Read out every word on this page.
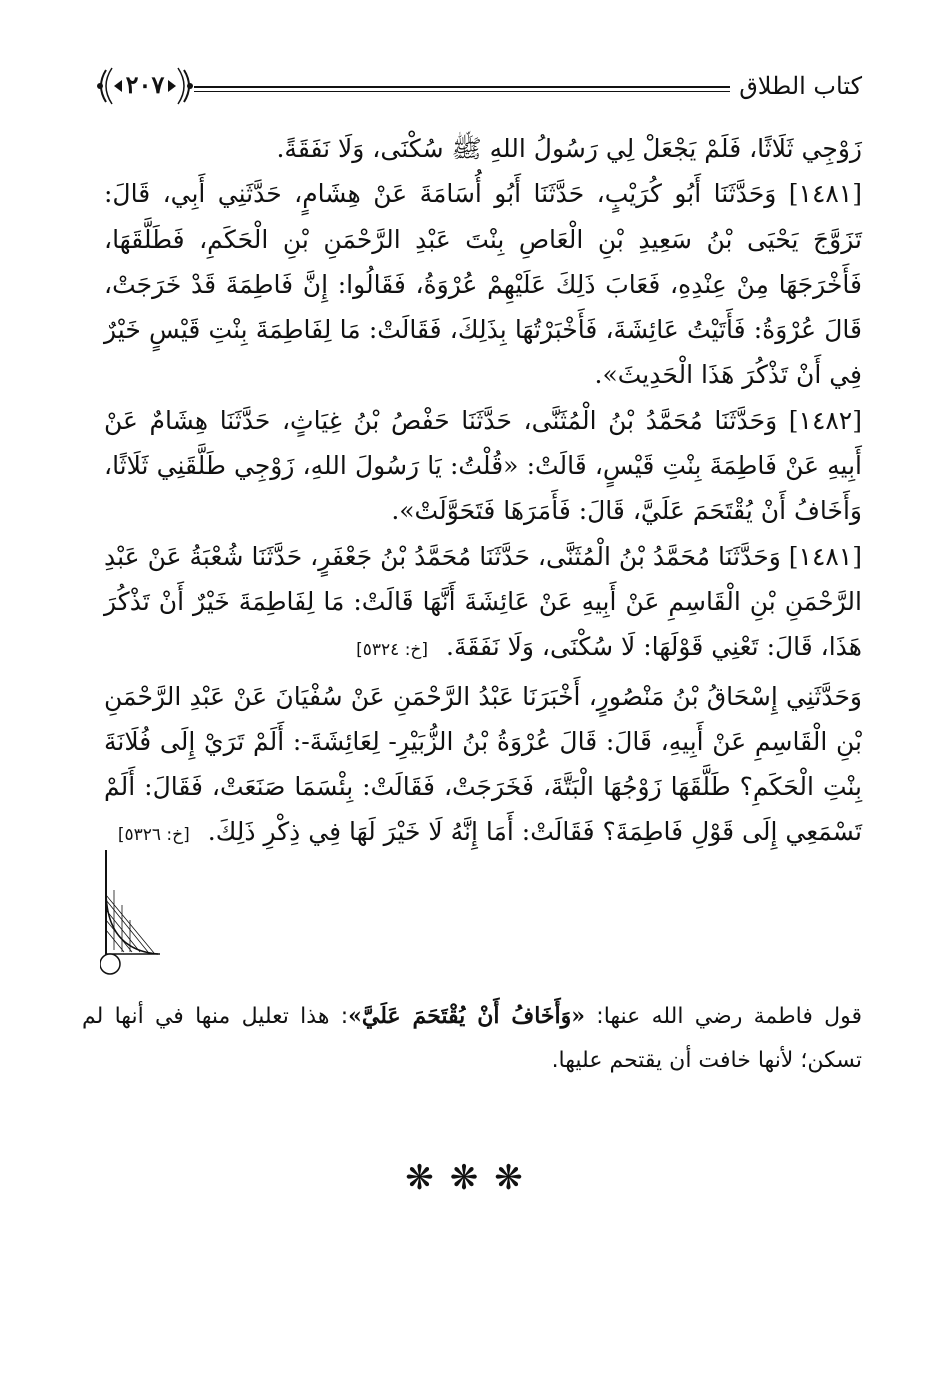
كتاب الطلاق
٢٠٧

زَوْجِي ثَلَاثًا، فَلَمْ يَجْعَلْ لِي رَسُولُ اللهِ ﷺ سُكْنَى، وَلَا نَفَقَةً.

[١٤٨١] وَحَدَّثَنَا أَبُو كُرَيْبٍ، حَدَّثَنَا أَبُو أُسَامَةَ عَنْ هِشَامٍ، حَدَّثَنِي أَبِي، قَالَ: تَزَوَّجَ يَحْيَى بْنُ سَعِيدِ بْنِ الْعَاصِ بِنْتَ عَبْدِ الرَّحْمَنِ بْنِ الْحَكَمِ، فَطَلَّقَهَا، فَأَخْرَجَهَا مِنْ عِنْدِهِ، فَعَابَ ذَلِكَ عَلَيْهِمْ عُرْوَةُ، فَقَالُوا: إِنَّ فَاطِمَةَ قَدْ خَرَجَتْ، قَالَ عُرْوَةُ: فَأَتَيْتُ عَائِشَةَ، فَأَخْبَرْتُهَا بِذَلِكَ، فَقَالَتْ: مَا لِفَاطِمَةَ بِنْتِ قَيْسٍ خَيْرٌ فِي أَنْ تَذْكُرَ هَذَا الْحَدِيثَ».

[١٤٨٢] وَحَدَّثَنَا مُحَمَّدُ بْنُ الْمُثَنَّى، حَدَّثَنَا حَفْصُ بْنُ غِيَاثٍ، حَدَّثَنَا هِشَامٌ عَنْ أَبِيهِ عَنْ فَاطِمَةَ بِنْتِ قَيْسٍ، قَالَتْ: «قُلْتُ: يَا رَسُولَ اللهِ، زَوْجِي طَلَّقَنِي ثَلَاثًا، وَأَخَافُ أَنْ يُقْتَحَمَ عَلَيَّ، قَالَ: فَأَمَرَهَا فَتَحَوَّلَتْ».

[١٤٨١] وَحَدَّثَنَا مُحَمَّدُ بْنُ الْمُثَنَّى، حَدَّثَنَا مُحَمَّدُ بْنُ جَعْفَرٍ، حَدَّثَنَا شُعْبَةُ عَنْ عَبْدِ الرَّحْمَنِ بْنِ الْقَاسِمِ عَنْ أَبِيهِ عَنْ عَائِشَةَ أَنَّهَا قَالَتْ: مَا لِفَاطِمَةَ خَيْرٌ أَنْ تَذْكُرَ هَذَا، قَالَ: تَعْنِي قَوْلَهَا: لَا سُكْنَى، وَلَا نَفَقَةَ.[خ: ٥٣٢٤]

وَحَدَّثَنِي إِسْحَاقُ بْنُ مَنْصُورٍ، أَخْبَرَنَا عَبْدُ الرَّحْمَنِ عَنْ سُفْيَانَ عَنْ عَبْدِ الرَّحْمَنِ بْنِ الْقَاسِمِ عَنْ أَبِيهِ، قَالَ: قَالَ عُرْوَةُ بْنُ الزُّبَيْرِ- لِعَائِشَةَ-: أَلَمْ تَرَيْ إِلَى فُلَانَةَ بِنْتِ الْحَكَمِ؟ طَلَّقَهَا زَوْجُهَا الْبَتَّةَ، فَخَرَجَتْ، فَقَالَتْ: بِئْسَمَا صَنَعَتْ، فَقَالَ: أَلَمْ تَسْمَعِي إِلَى قَوْلِ فَاطِمَةَ؟ فَقَالَتْ: أَمَا إِنَّهُ لَا خَيْرَ لَهَا فِي ذِكْرِ ذَلِكَ.[خ: ٥٣٢٦]

قول فاطمة رضي الله عنها: «وَأَخَافُ أَنْ يُقْتَحَمَ عَلَيَّ»: هذا تعليل منها في أنها لم تسكن؛ لأنها خافت أن يقتحم عليها.

❋❋❋
